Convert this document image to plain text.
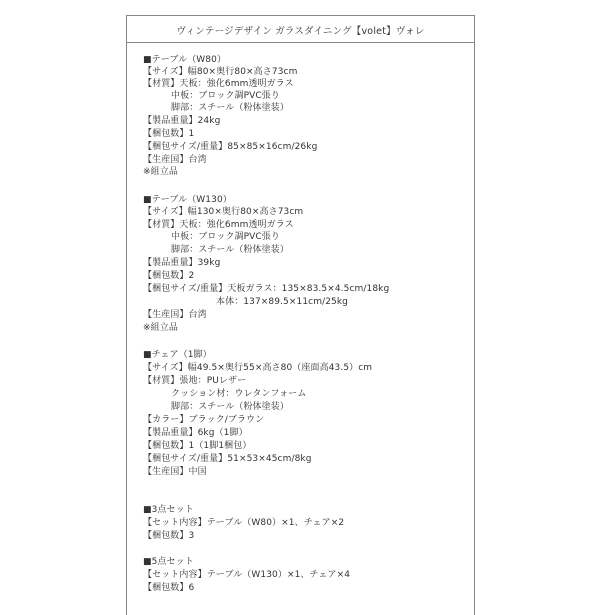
ヴィンテージデザイン ガラスダイニング【volet】ヴォレ
■テーブル（W80）
【サイズ】幅80×奥行80×高さ73cm
【材質】天板：強化6mm透明ガラス
中板：ブロック調PVC張り
脚部：スチール（粉体塗装）
【製品重量】24kg
【梱包数】1
【梱包サイズ/重量】85×85×16cm/26kg
【生産国】台湾
※組立品
■テーブル（W130）
【サイズ】幅130×奥行80×高さ73cm
【材質】天板：強化6mm透明ガラス
中板：ブロック調PVC張り
脚部：スチール（粉体塗装）
【製品重量】39kg
【梱包数】2
【梱包サイズ/重量】天板ガラス：135×83.5×4.5cm/18kg
本体：137×89.5×11cm/25kg
【生産国】台湾
※組立品
■チェア（1脚）
【サイズ】幅49.5×奥行55×高さ80（座面高43.5）cm
【材質】張地：PUレザー
クッション材：ウレタンフォーム
脚部：スチール（粉体塗装）
【カラー】ブラック/ブラウン
【製品重量】6kg（1脚）
【梱包数】1（1脚1梱包）
【梱包サイズ/重量】51×53×45cm/8kg
【生産国】中国
■3点セット
【セット内容】テーブル（W80）×1、チェア×2
【梱包数】3
■5点セット
【セット内容】テーブル（W130）×1、チェア×4
【梱包数】6
